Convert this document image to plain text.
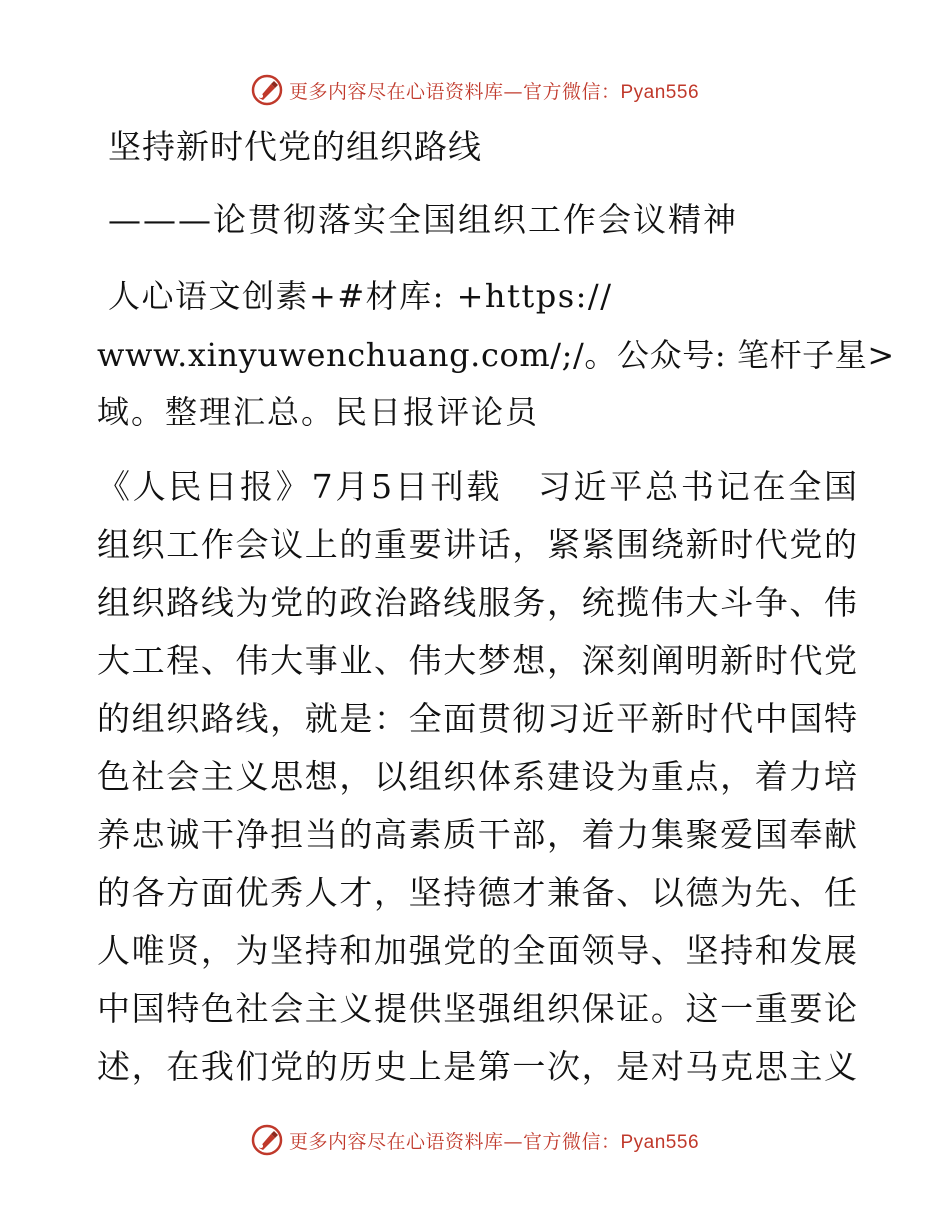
更多内容尽在心语资料库—官方微信：Pyan556
坚持新时代党的组织路线
———论贯彻落实全国组织工作会议精神
人心语文创素+#材库: +https://
www.xinyuwenchuang.com/;/。公众号: 笔杆子星>
域。整理汇总。民日报评论员
《人民日报》7月5日刊载　习近平总书记在全国
组织工作会议上的重要讲话，紧紧围绕新时代党的
组织路线为党的政治路线服务，统揽伟大斗争、伟
大工程、伟大事业、伟大梦想，深刻阐明新时代党
的组织路线，就是：全面贯彻习近平新时代中国特
色社会主义思想，以组织体系建设为重点，着力培
养忠诚干净担当的高素质干部，着力集聚爱国奉献
的各方面优秀人才，坚持德才兼备、以德为先、任
人唯贤，为坚持和加强党的全面领导、坚持和发展
中国特色社会主义提供坚强组织保证。这一重要论
述，在我们党的历史上是第一次，是对马克思主义
更多内容尽在心语资料库—官方微信：Pyan556
